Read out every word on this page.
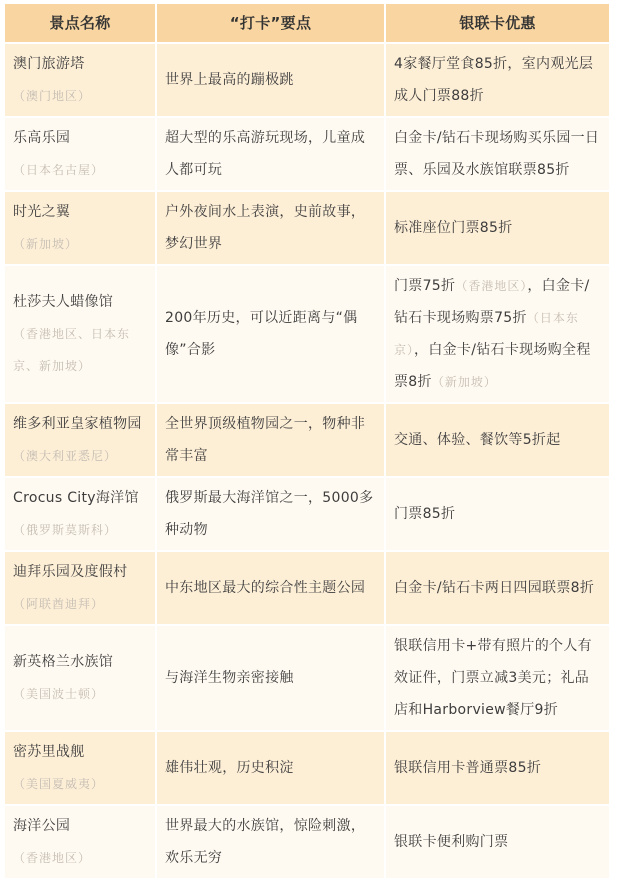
景点名称	“打卡”要点	银联卡优惠

澳门旅游塔
（澳门地区）	世界上最高的蹦极跳	4家餐厅堂食85折，室内观光层成人门票88折

乐高乐园
（日本名古屋）	超大型的乐高游玩现场，儿童成人都可玩	白金卡/钻石卡现场购买乐园一日票、乐园及水族馆联票85折

时光之翼
（新加坡）	户外夜间水上表演，史前故事，梦幻世界	标准座位门票85折

杜莎夫人蜡像馆
（香港地区、日本东京、新加坡）	200年历史，可以近距离与“偶像”合影	门票75折（香港地区），白金卡/钻石卡现场购票75折（日本东京），白金卡/钻石卡现场购全程票8折（新加坡）

维多利亚皇家植物园
（澳大利亚悉尼）	全世界顶级植物园之一，物种非常丰富	交通、体验、餐饮等5折起

Crocus City海洋馆
（俄罗斯莫斯科）	俄罗斯最大海洋馆之一，5000多种动物	门票85折

迪拜乐园及度假村
（阿联酋迪拜）	中东地区最大的综合性主题公园	白金卡/钻石卡两日四园联票8折

新英格兰水族馆
（美国波士顿）	与海洋生物亲密接触	银联信用卡+带有照片的个人有效证件，门票立减3美元；礼品店和Harborview餐厅9折

密苏里战舰
（美国夏威夷）	雄伟壮观，历史积淀	银联信用卡普通票85折

海洋公园
（香港地区）	世界最大的水族馆，惊险刺激，欢乐无穷	银联卡便利购门票
